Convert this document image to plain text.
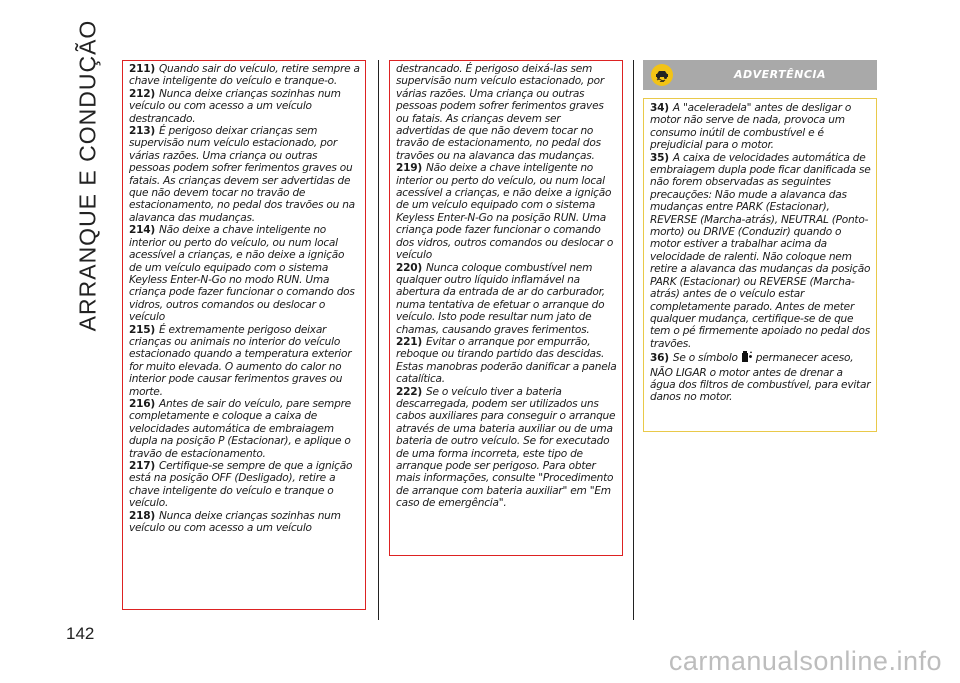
ARRANQUE E CONDUÇÃO	211) Quando sair do veículo, retire sempre a chave inteligente do veículo e tranque-o.

212) Nunca deixe crianças sozinhas num veículo ou com acesso a um veículo destrancado.

213) É perigoso deixar crianças sem supervisão num veículo estacionado, por várias razões. Uma criança ou outras pessoas podem sofrer ferimentos graves ou fatais. As crianças devem ser advertidas de que não devem tocar no travão de estacionamento, no pedal dos travões ou na alavanca das mudanças.

214) Não deixe a chave inteligente no interior ou perto do veículo, ou num local acessível a crianças, e não deixe a ignição de um veículo equipado com o sistema Keyless Enter-N-Go no modo RUN. Uma criança pode fazer funcionar o comando dos vidros, outros comandos ou deslocar o veículo

215) É extremamente perigoso deixar crianças ou animais no interior do veículo estacionado quando a temperatura exterior for muito elevada. O aumento do calor no interior pode causar ferimentos graves ou morte.

216) Antes de sair do veículo, pare sempre completamente e coloque a caixa de velocidades automática de embraiagem dupla na posição P (Estacionar), e aplique o travão de estacionamento.

217) Certifique-se sempre de que a ignição está na posição OFF (Desligado), retire a chave inteligente do veículo e tranque o veículo.

218) Nunca deixe crianças sozinhas num veículo ou com acesso a um veículo

destrancado. É perigoso deixá-las sem supervisão num veículo estacionado, por várias razões. Uma criança ou outras pessoas podem sofrer ferimentos graves ou fatais. As crianças devem ser advertidas de que não devem tocar no travão de estacionamento, no pedal dos travões ou na alavanca das mudanças.

219) Não deixe a chave inteligente no interior ou perto do veículo, ou num local acessível a crianças, e não deixe a ignição de um veículo equipado com o sistema Keyless Enter-N-Go na posição RUN. Uma criança pode fazer funcionar o comando dos vidros, outros comandos ou deslocar o veículo

220) Nunca coloque combustível nem qualquer outro líquido inflamável na abertura da entrada de ar do carburador, numa tentativa de efetuar o arranque do veículo. Isto pode resultar num jato de chamas, causando graves ferimentos.

221) Evitar o arranque por empurrão, reboque ou tirando partido das descidas. Estas manobras poderão danificar a panela catalítica.

222) Se o veículo tiver a bateria descarregada, podem ser utilizados uns cabos auxiliares para conseguir o arranque através de uma bateria auxiliar ou de uma bateria de outro veículo. Se for executado de uma forma incorreta, este tipo de arranque pode ser perigoso. Para obter mais informações, consulte "Procedimento de arranque com bateria auxiliar" em "Em caso de emergência".

ADVERTÊNCIA

34) A "aceleradela" antes de desligar o motor não serve de nada, provoca um consumo inútil de combustível e é prejudicial para o motor.

35) A caixa de velocidades automática de embraiagem dupla pode ficar danificada se não forem observadas as seguintes precauções: Não mude a alavanca das mudanças entre PARK (Estacionar), REVERSE (Marcha-atrás), NEUTRAL (Ponto-morto) ou DRIVE (Conduzir) quando o motor estiver a trabalhar acima da velocidade de ralenti. Não coloque nem retire a alavanca das mudanças da posição PARK (Estacionar) ou REVERSE (Marcha-atrás) antes de o veículo estar completamente parado. Antes de meter qualquer mudança, certifique-se de que tem o pé firmemente apoiado no pedal dos travões.

36) Se o símbolo permanecer aceso, NÃO LIGAR o motor antes de drenar a água dos filtros de combustível, para evitar danos no motor.

142
carmanualsonline.info
